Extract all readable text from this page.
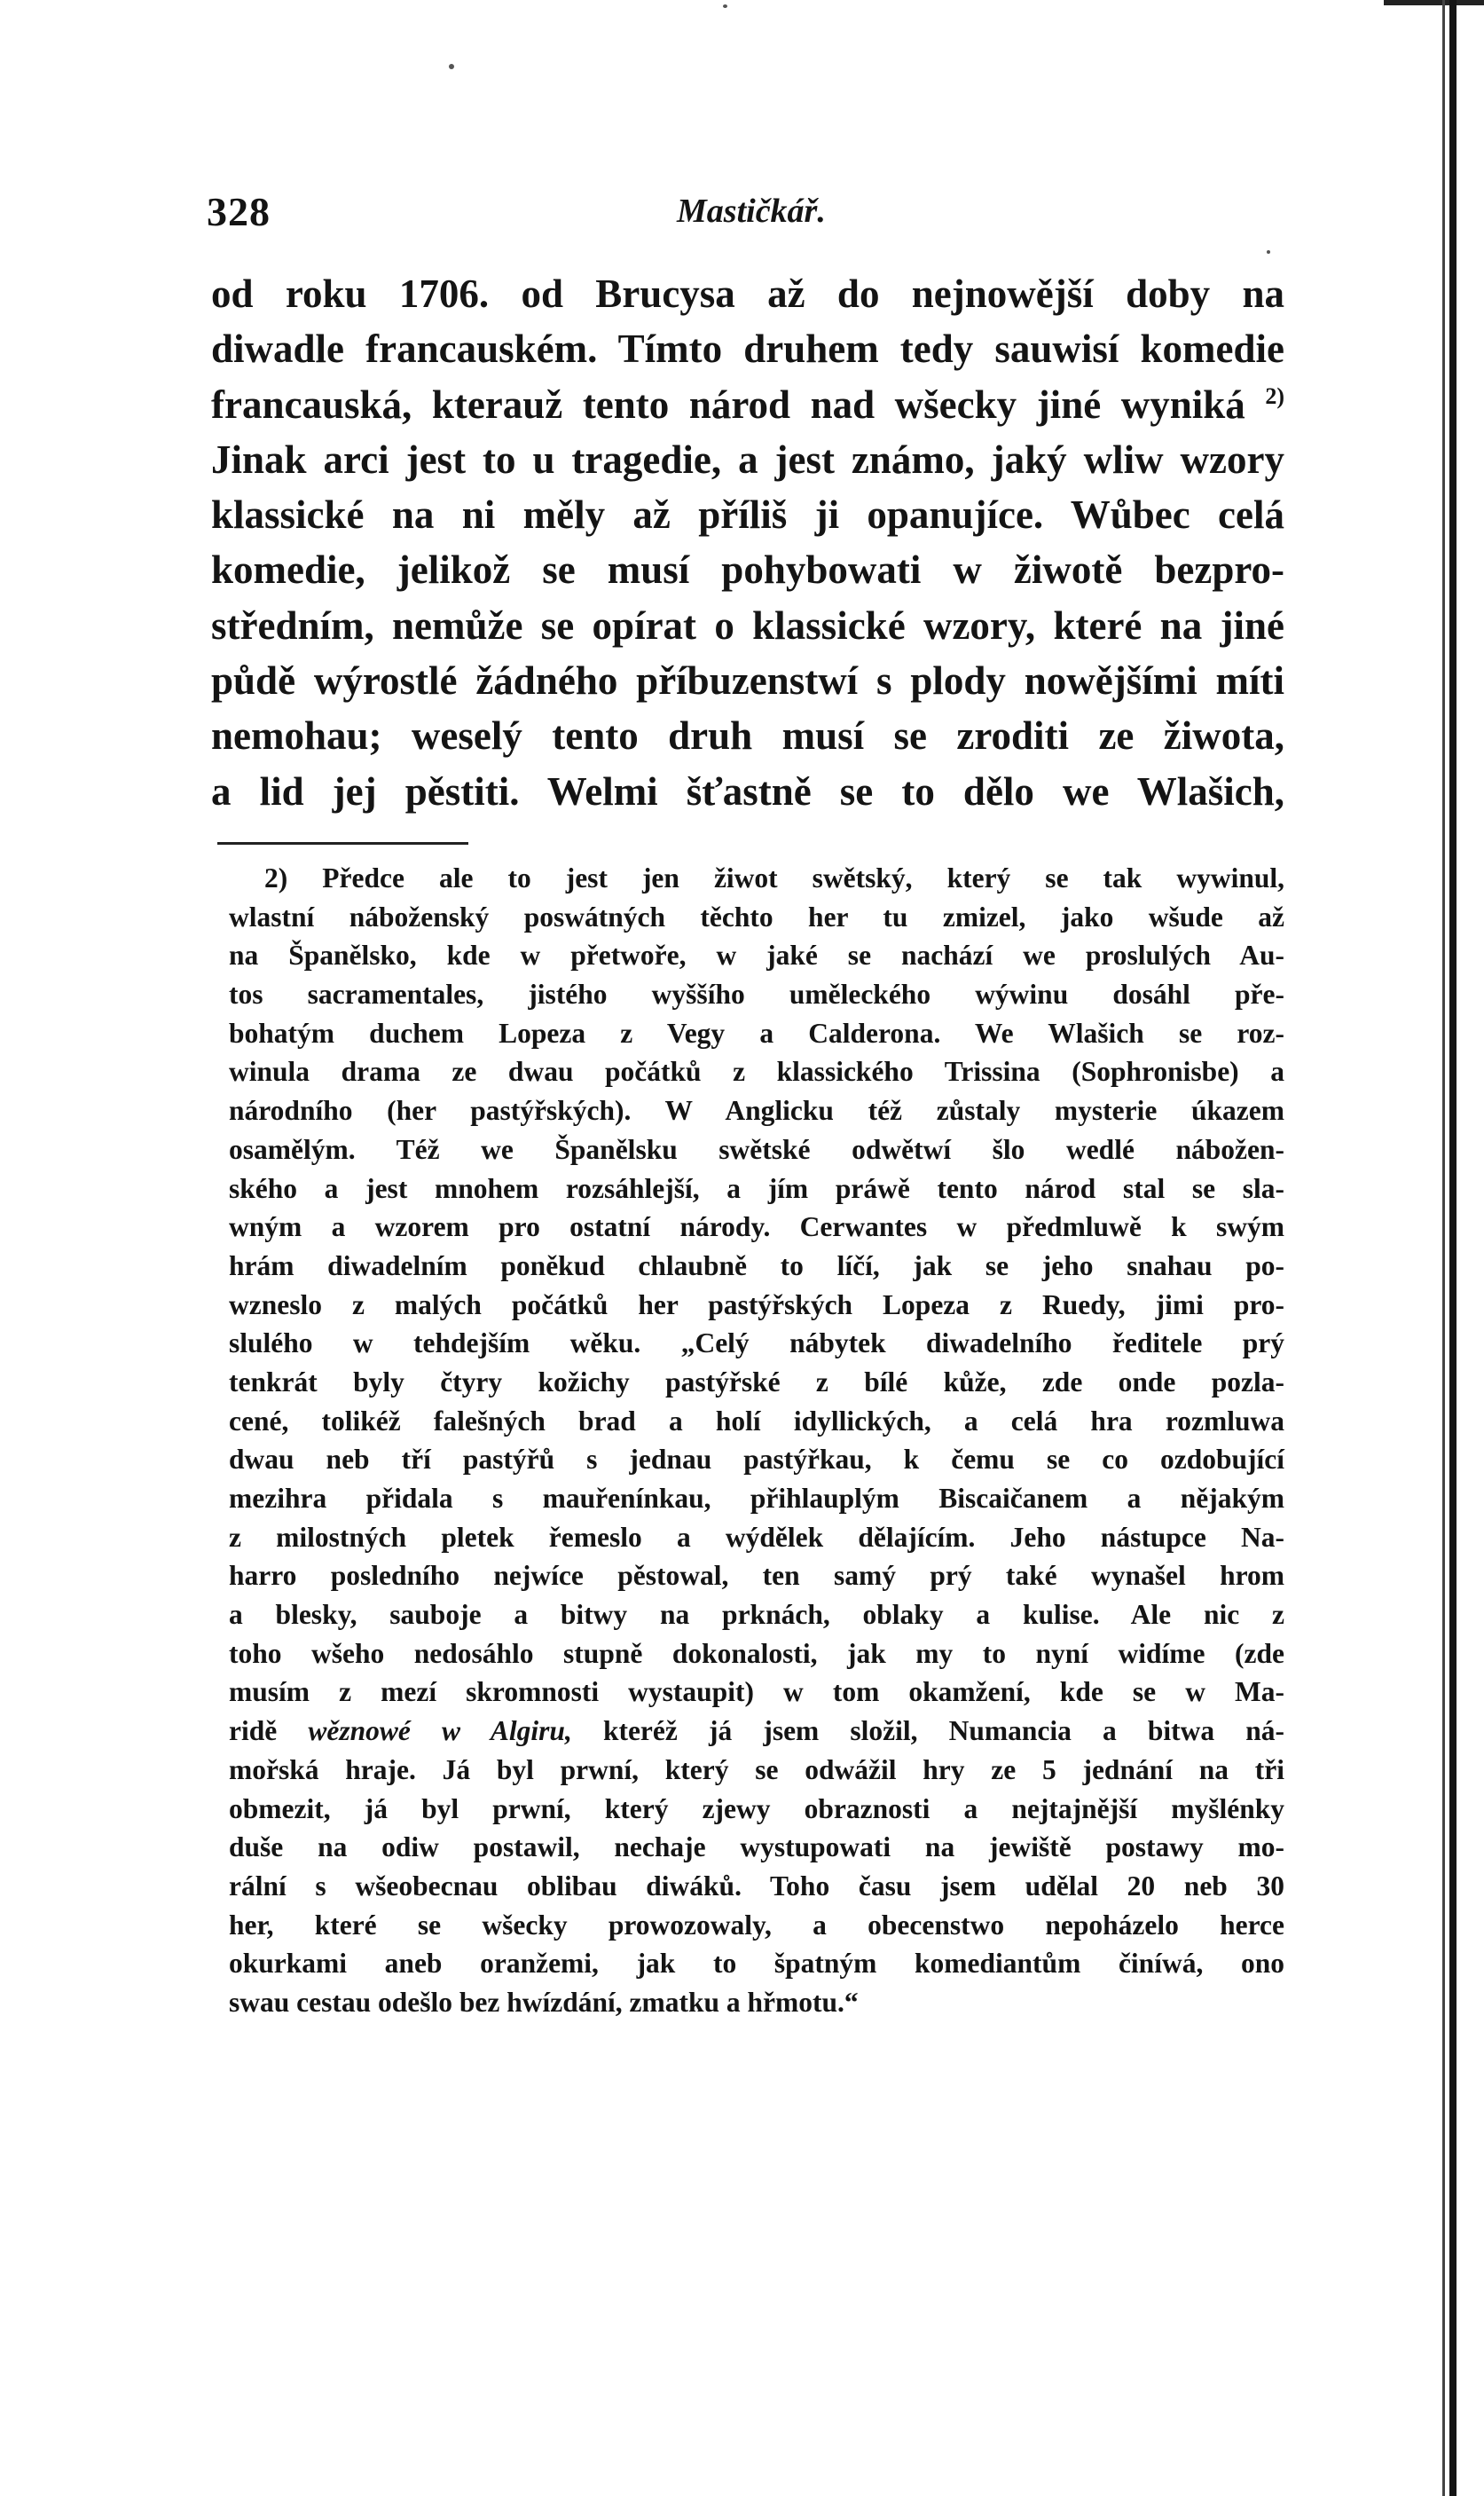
328	Mastičkář.
od roku 1706. od Brucysa až do nejnowější doby na
diwadle francauském. Tímto druhem tedy sauwisí komedie
francauská, kterauž tento národ nad wšecky jiné wyniká $^{2)}$
Jinak arci jest to u tragedie, a jest známo, jaký wliw wzory
klassické na ni měly až příliš ji opanujíce. Wůbec celá
komedie, jelikož se musí pohybowati w žiwotě bezpro-
středním, nemůže se opírat o klassické wzory, které na jiné
půdě wýrostlé žádného příbuzenstwí s plody nowějšími míti
nemohau; weselý tento druh musí se zroditi ze žiwota,
a lid jej pěstiti. Welmi šťastně se to dělo we Wlašich,
2) Předce ale to jest jen žiwot swětský, který se tak wywinul,
wlastní náboženský poswátných těchto her tu zmizel, jako wšude až
na Španělsko, kde w přetwoře, w jaké se nachází we proslulých Au-
tos sacramentales, jistého wyššího uměleckého wýwinu dosáhl pře-
bohatým duchem Lopeza z Vegy a Calderona. We Wlašich se roz-
winula drama ze dwau počátků z klassického Trissina (Sophronisbe) a
národního (her pastýřských). W Anglicku též zůstaly mysterie úkazem
osamělým. Též we Španělsku swětské odwětwí šlo wedlé nábožen-
ského a jest mnohem rozsáhlejší, a jím práwě tento národ stal se sla-
wným a wzorem pro ostatní národy. Cerwantes w předmluwě k swým
hrám diwadelním poněkud chlaubně to líčí, jak se jeho snahau po-
wzneslo z malých počátků her pastýřských Lopeza z Ruedy, jimi pro-
slulého w tehdejším wěku. „Celý nábytek diwadelního ředitele prý
tenkrát byly čtyry kožichy pastýřské z bílé kůže, zde onde pozla-
cené, tolikéž falešných brad a holí idyllických, a celá hra rozmluwa
dwau neb tří pastýřů s jednau pastýřkau, k čemu se co ozdobující
mezihra přidala s mauřenínkau, přihlauplým Biscaičanem a nějakým
z milostných pletek řemeslo a wýdělek dělajícím. Jeho nástupce Na-
harro posledního nejwíce pěstowal, ten samý prý také wynašel hrom
a blesky, sauboje a bitwy na prknách, oblaky a kulise. Ale nic z
toho wšeho nedosáhlo stupně dokonalosti, jak my to nyní widíme (zde
musím z mezí skromnosti wystaupit) w tom okamžení, kde se w Ma-
ridě wěznowé w Algiru, kteréž já jsem složil, Numancia a bitwa ná-
mořská hraje. Já byl prwní, který se odwážil hry ze 5 jednání na tři
obmezit, já byl prwní, který zjewy obraznosti a nejtajnější myšlénky
duše na odiw postawil, nechaje wystupowati na jewiště postawy mo-
rální s wšeobecnau oblibau diwáků. Toho času jsem udělal 20 neb 30
her, které se wšecky prowozowaly, a obecenstwo nepoházelo herce
okurkami aneb oranžemi, jak to špatným komediantům činíwá, ono
swau cestau odešlo bez hwízdání, zmatku a hřmotu.“
